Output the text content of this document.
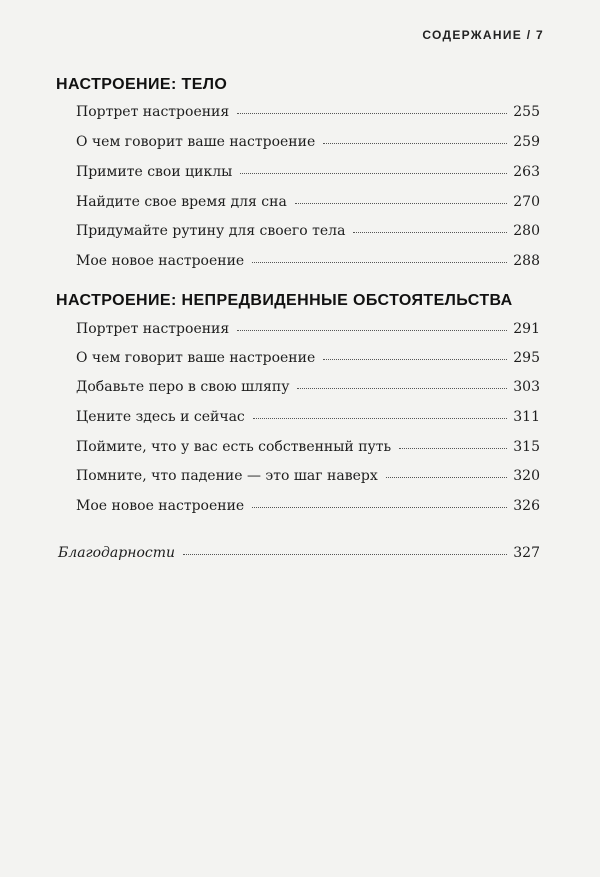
СОДЕРЖАНИЕ / 7
НАСТРОЕНИЕ: ТЕЛО
Портрет настроения	255
О чем говорит ваше настроение	259
Примите свои циклы	263
Найдите свое время для сна	270
Придумайте рутину для своего тела	280
Мое новое настроение	288
НАСТРОЕНИЕ: НЕПРЕДВИДЕННЫЕ ОБСТОЯТЕЛЬСТВА
Портрет настроения	291
О чем говорит ваше настроение	295
Добавьте перо в свою шляпу	303
Цените здесь и сейчас	311
Поймите, что у вас есть собственный путь	315
Помните, что падение — это шаг наверх	320
Мое новое настроение	326
Благодарности	327
